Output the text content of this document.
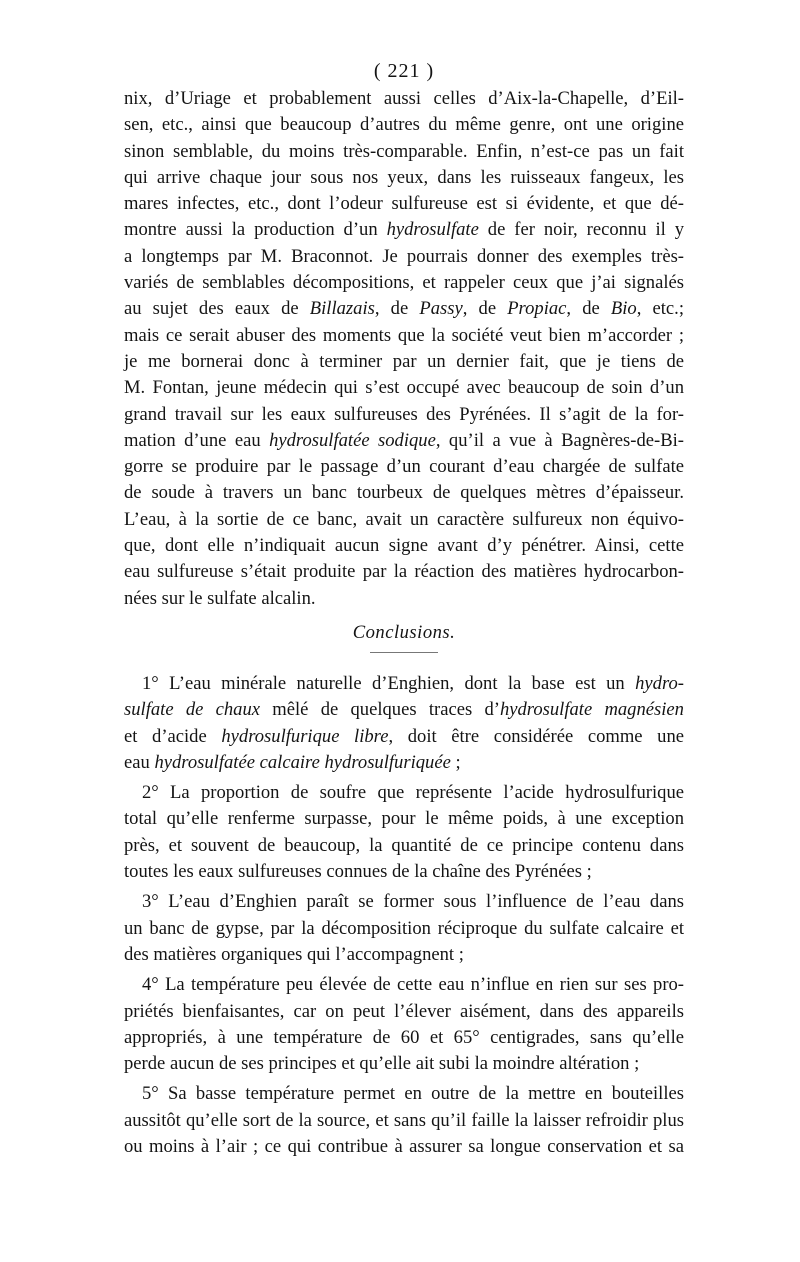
( 221 )

nix, d’Uriage et probablement aussi celles d’Aix-la-Chapelle, d’Eil-
sen, etc., ainsi que beaucoup d’autres du même genre, ont une origine
sinon semblable, du moins très-comparable. Enfin, n’est-ce pas un fait
qui arrive chaque jour sous nos yeux, dans les ruisseaux fangeux, les
mares infectes, etc., dont l’odeur sulfureuse est si évidente, et que dé-
montre aussi la production d’un hydrosulfate de fer noir, reconnu il y
a longtemps par M. Braconnot. Je pourrais donner des exemples très-
variés de semblables décompositions, et rappeler ceux que j’ai signalés
au sujet des eaux de Billazais, de Passy, de Propiac, de Bio, etc.;
mais ce serait abuser des moments que la société veut bien m’accorder ;
je me bornerai donc à terminer par un dernier fait, que je tiens de
M. Fontan, jeune médecin qui s’est occupé avec beaucoup de soin d’un
grand travail sur les eaux sulfureuses des Pyrénées. Il s’agit de la for-
mation d’une eau hydrosulfatée sodique, qu’il a vue à Bagnères-de-Bi-
gorre se produire par le passage d’un courant d’eau chargée de sulfate
de soude à travers un banc tourbeux de quelques mètres d’épaisseur.
L’eau, à la sortie de ce banc, avait un caractère sulfureux non équivo-
que, dont elle n’indiquait aucun signe avant d’y pénétrer. Ainsi, cette
eau sulfureuse s’était produite par la réaction des matières hydrocarbon-
nées sur le sulfate alcalin.

Conclusions.

1° L’eau minérale naturelle d’Enghien, dont la base est un hydro-
sulfate de chaux mêlé de quelques traces d’hydrosulfate magnésien
et d’acide hydrosulfurique libre, doit être considérée comme une
eau hydrosulfatée calcaire hydrosulfuriquée ;

2° La proportion de soufre que représente l’acide hydrosulfurique
total qu’elle renferme surpasse, pour le même poids, à une exception
près, et souvent de beaucoup, la quantité de ce principe contenu dans
toutes les eaux sulfureuses connues de la chaîne des Pyrénées ;

3° L’eau d’Enghien paraît se former sous l’influence de l’eau dans
un banc de gypse, par la décomposition réciproque du sulfate calcaire et
des matières organiques qui l’accompagnent ;

4° La température peu élevée de cette eau n’influe en rien sur ses pro-
priétés bienfaisantes, car on peut l’élever aisément, dans des appareils
appropriés, à une température de 60 et 65° centigrades, sans qu’elle
perde aucun de ses principes et qu’elle ait subi la moindre altération ;

5° Sa basse température permet en outre de la mettre en bouteilles
aussitôt qu’elle sort de la source, et sans qu’il faille la laisser refroidir plus
ou moins à l’air ; ce qui contribue à assurer sa longue conservation et sa
